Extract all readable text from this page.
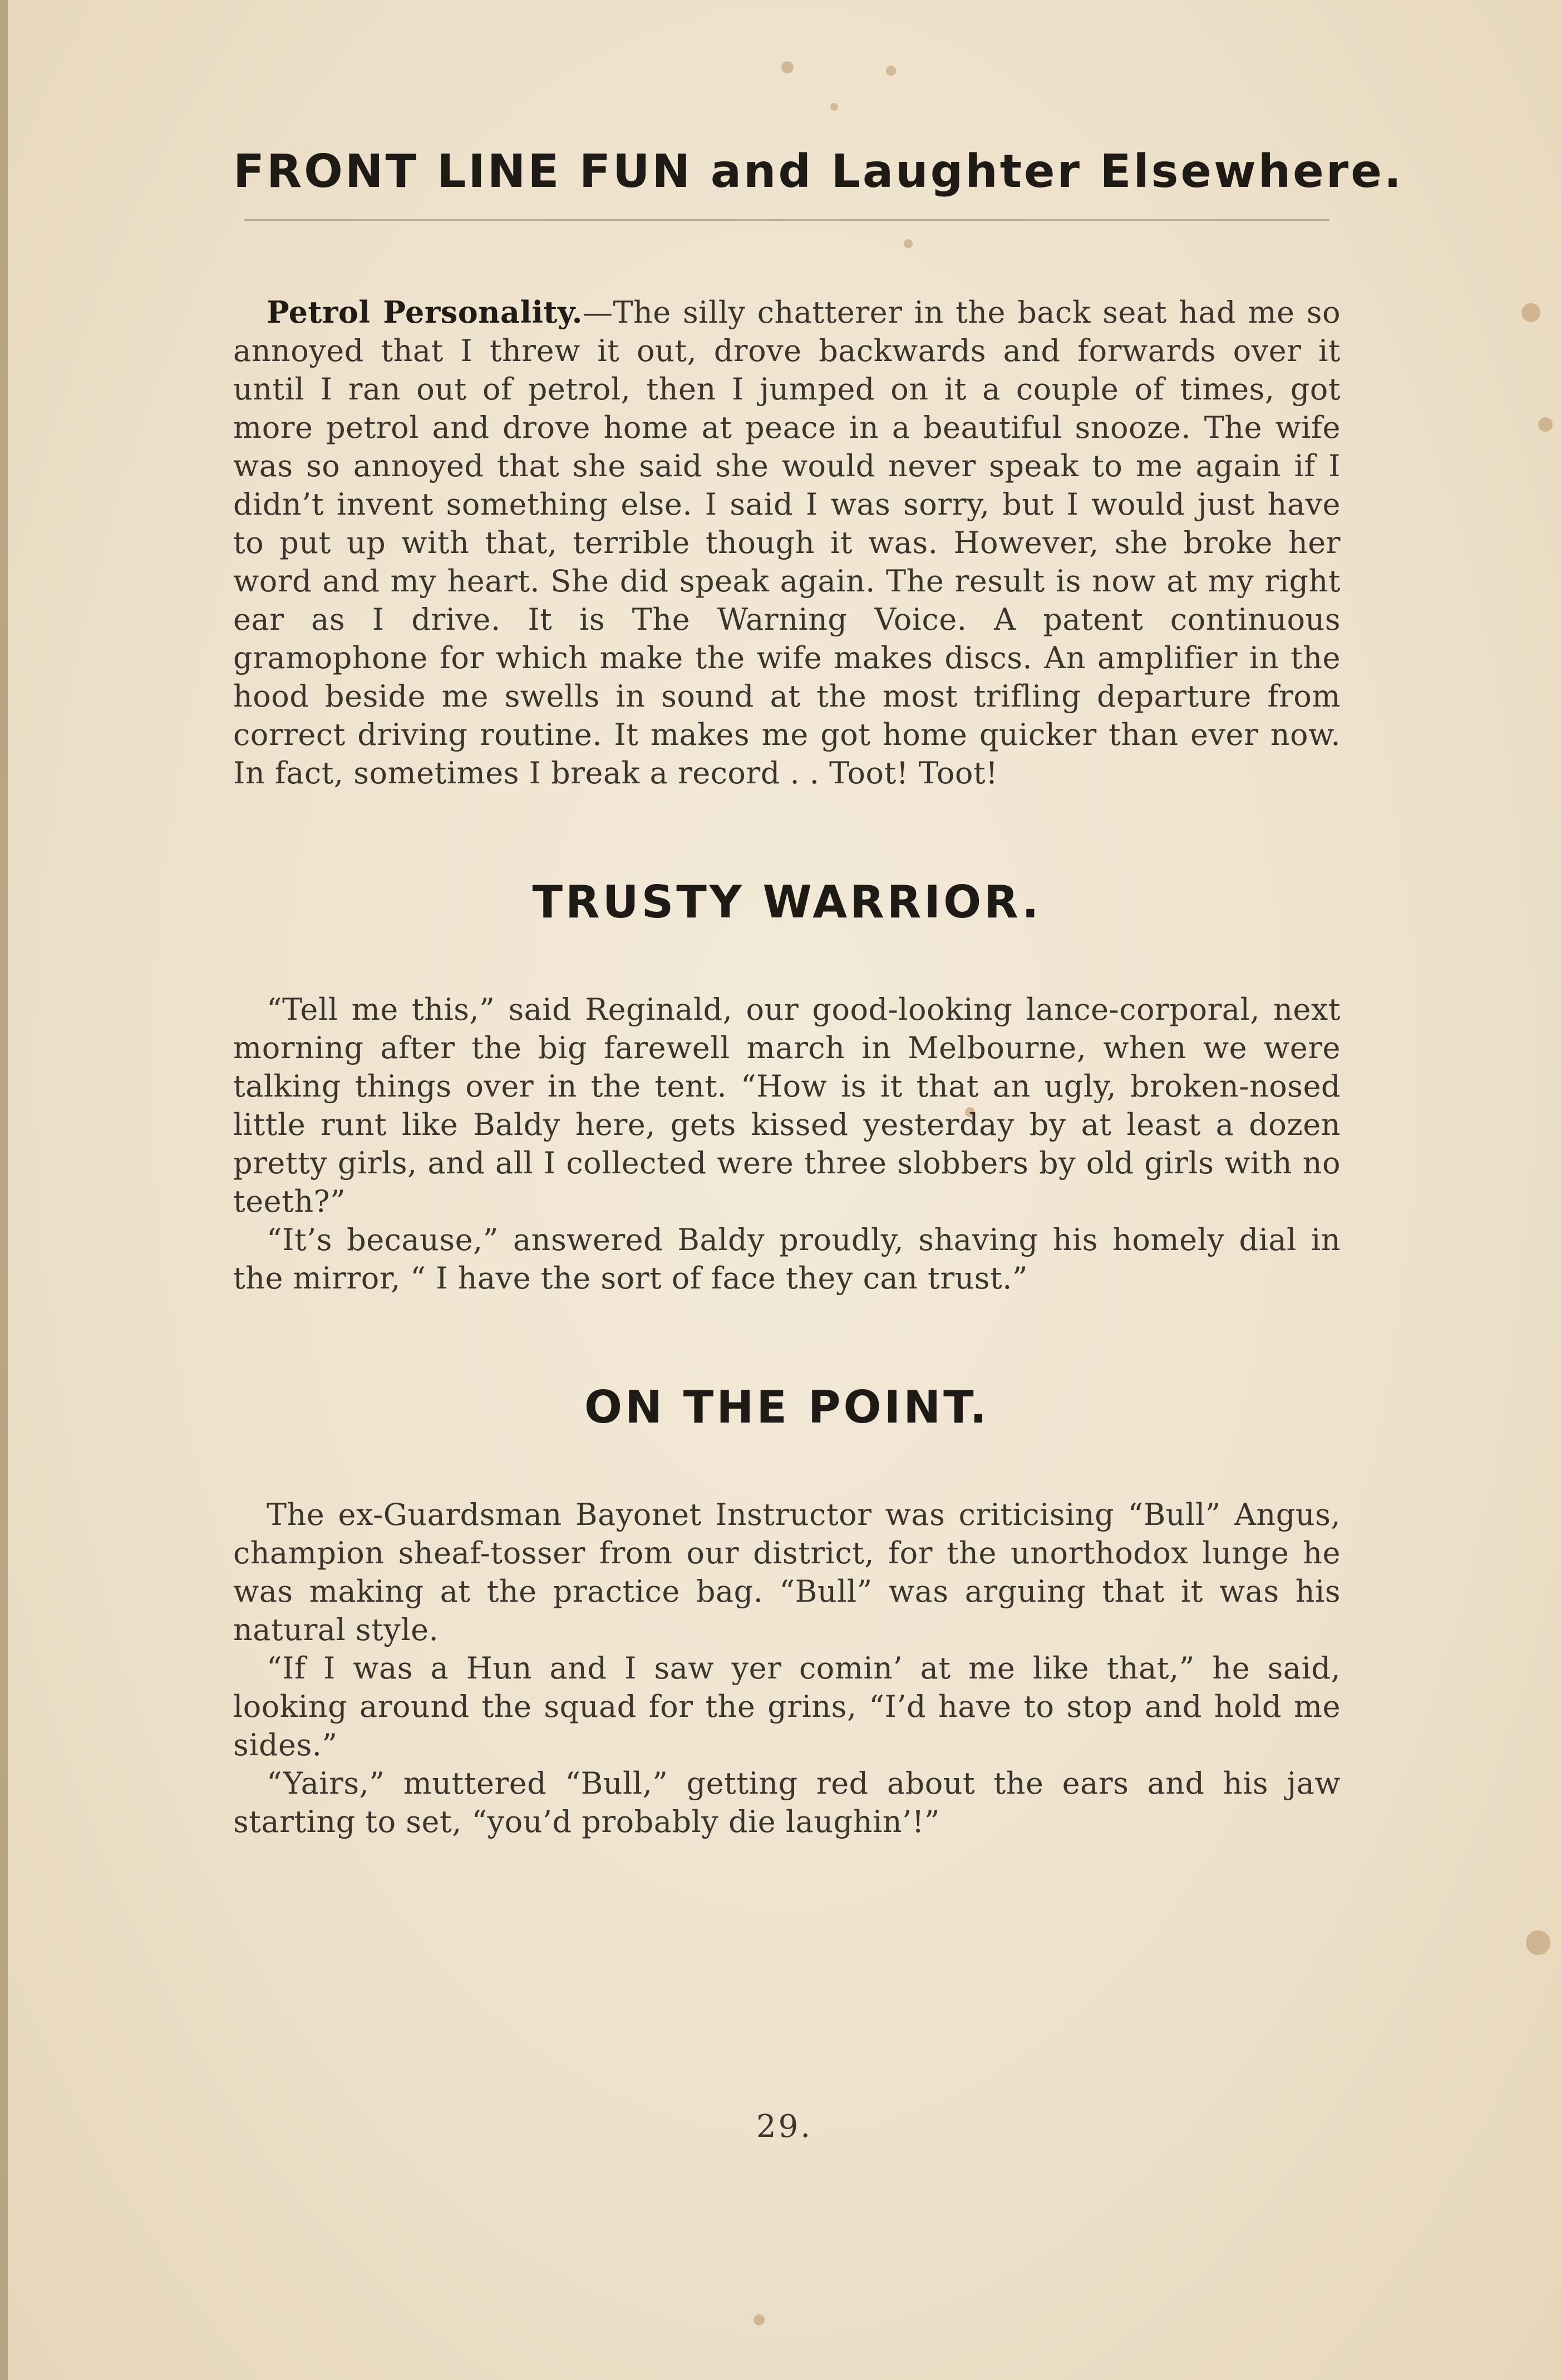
FRONT LINE FUN and Laughter Elsewhere.

Petrol Personality.—The silly chatterer in the back seat had me so annoyed that I threw it out, drove backwards and forwards over it until I ran out of petrol, then I jumped on it a couple of times, got more petrol and drove home at peace in a beautiful snooze. The wife was so annoyed that she said she would never speak to me again if I didn’t invent something else. I said I was sorry, but I would just have to put up with that, terrible though it was. However, she broke her word and my heart. She did speak again. The result is now at my right ear as I drive. It is The Warning Voice. A patent continuous gramophone for which make the wife makes discs. An amplifier in the hood beside me swells in sound at the most trifling departure from correct driving routine. It makes me got home quicker than ever now. In fact, sometimes I break a record . . Toot! Toot!

TRUSTY WARRIOR.

“Tell me this,” said Reginald, our good-looking lance-corporal, next morning after the big farewell march in Melbourne, when we were talking things over in the tent. “How is it that an ugly, broken-nosed little runt like Baldy here, gets kissed yesterday by at least a dozen pretty girls, and all I collected were three slobbers by old girls with no teeth?”

“It’s because,” answered Baldy proudly, shaving his homely dial in the mirror, “ I have the sort of face they can trust.”

ON THE POINT.

The ex-Guardsman Bayonet Instructor was criticising “Bull” Angus, champion sheaf-tosser from our district, for the unorthodox lunge he was making at the practice bag. “Bull” was arguing that it was his natural style.

“If I was a Hun and I saw yer comin’ at me like that,” he said, looking around the squad for the grins, “I’d have to stop and hold me sides.”

“Yairs,” muttered “Bull,” getting red about the ears and his jaw starting to set, “you’d probably die laughin’!”

29.
